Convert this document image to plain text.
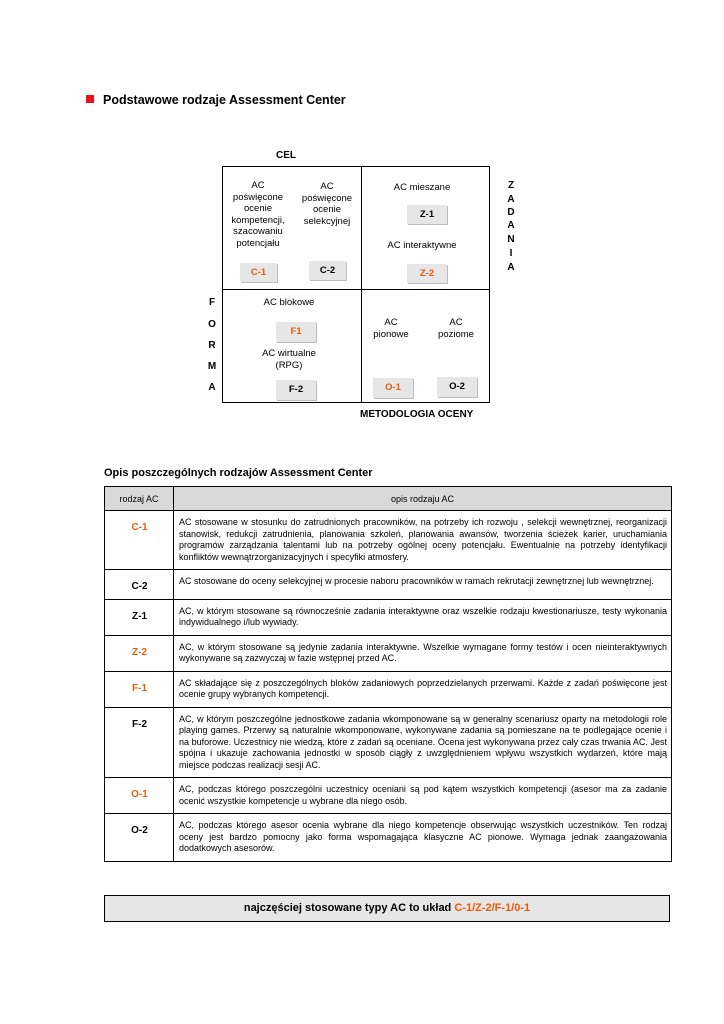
Podstawowe rodzaje Assessment Center
CEL
METODOLOGIA OCENY
Z
A
D
A
N
I
A
F
O
R
M
A
AC
poświęcone
ocenie
kompetencji,
szacowaniu
potencjału
C-1
AC
poświęcone
ocenie
selekcyjnej
C-2
AC mieszane
Z-1
AC interaktywne
Z-2
AC blokowe
F1
AC wirtualne
(RPG)
F-2
AC
pionowe
AC
poziome
O-1	O-2
Opis poszczególnych rodzajów Assessment Center
rodzaj AC	opis rodzaju AC
C-1	AC stosowane w stosunku do zatrudnionych pracowników, na potrzeby ich rozwoju , selekcji wewnętrznej, reorganizacji stanowisk, redukcji zatrudnienia, planowania szkoleń, planowania awansów, tworzenia ścieżek karier, uruchamiania programów zarządzania talentami lub na potrzeby ogólnej oceny potencjału. Ewentualnie na potrzeby identyfikacji konfliktów wewnątrzorganizacyjnych i specyfiki atmosfery.
C-2	AC stosowane do oceny selekcyjnej w procesie naboru pracowników w ramach rekrutacji zewnętrznej lub wewnętrznej.
Z-1	AC, w którym stosowane są równocześnie zadania interaktywne oraz wszelkie rodzaju kwestionariusze, testy wykonania indywidualnego i/lub wywiady.
Z-2	AC, w którym stosowane są jedynie zadania interaktywne. Wszelkie wymagane formy testów i ocen nieinteraktywnych wykonywane są zazwyczaj w fazie wstępnej przed AC.
F-1	AC składające się z poszczególnych bloków zadaniowych poprzedzielanych przerwami. Każde z zadań poświęcone jest ocenie grupy wybranych kompetencji.
F-2	AC, w którym poszczególne jednostkowe zadania wkomponowane są w generalny scenariusz oparty na metodologii role playing games. Przerwy są naturalnie wkomponowane, wykonywane zadania są pomieszane na te podlegające ocenie i na buforowe. Uczestnicy nie wiedzą, które z zadań są oceniane. Ocena jest wykonywana przez cały czas trwania AC. Jest spójna i ukazuje zachowania jednostki w sposób ciągły z uwzględnieniem wpływu wszystkich wydarzeń, które mają miejsce podczas realizacji sesji AC.
O-1	AC, podczas którego poszczególni uczestnicy oceniani są pod kątem wszystkich kompetencji (asesor ma za zadanie ocenić wszystkie kompetencje u wybrane dla niego osób.
O-2	AC, podczas którego asesor ocenia wybrane dla niego kompetencje obserwując wszystkich uczestników. Ten rodzaj oceny jest bardzo pomocny jako forma wspomagająca klasyczne AC pionowe. Wymaga jednak zaangażowania dodatkowych asesorów.
najczęściej stosowane typy AC to układ C-1/Z-2/F-1/0-1
